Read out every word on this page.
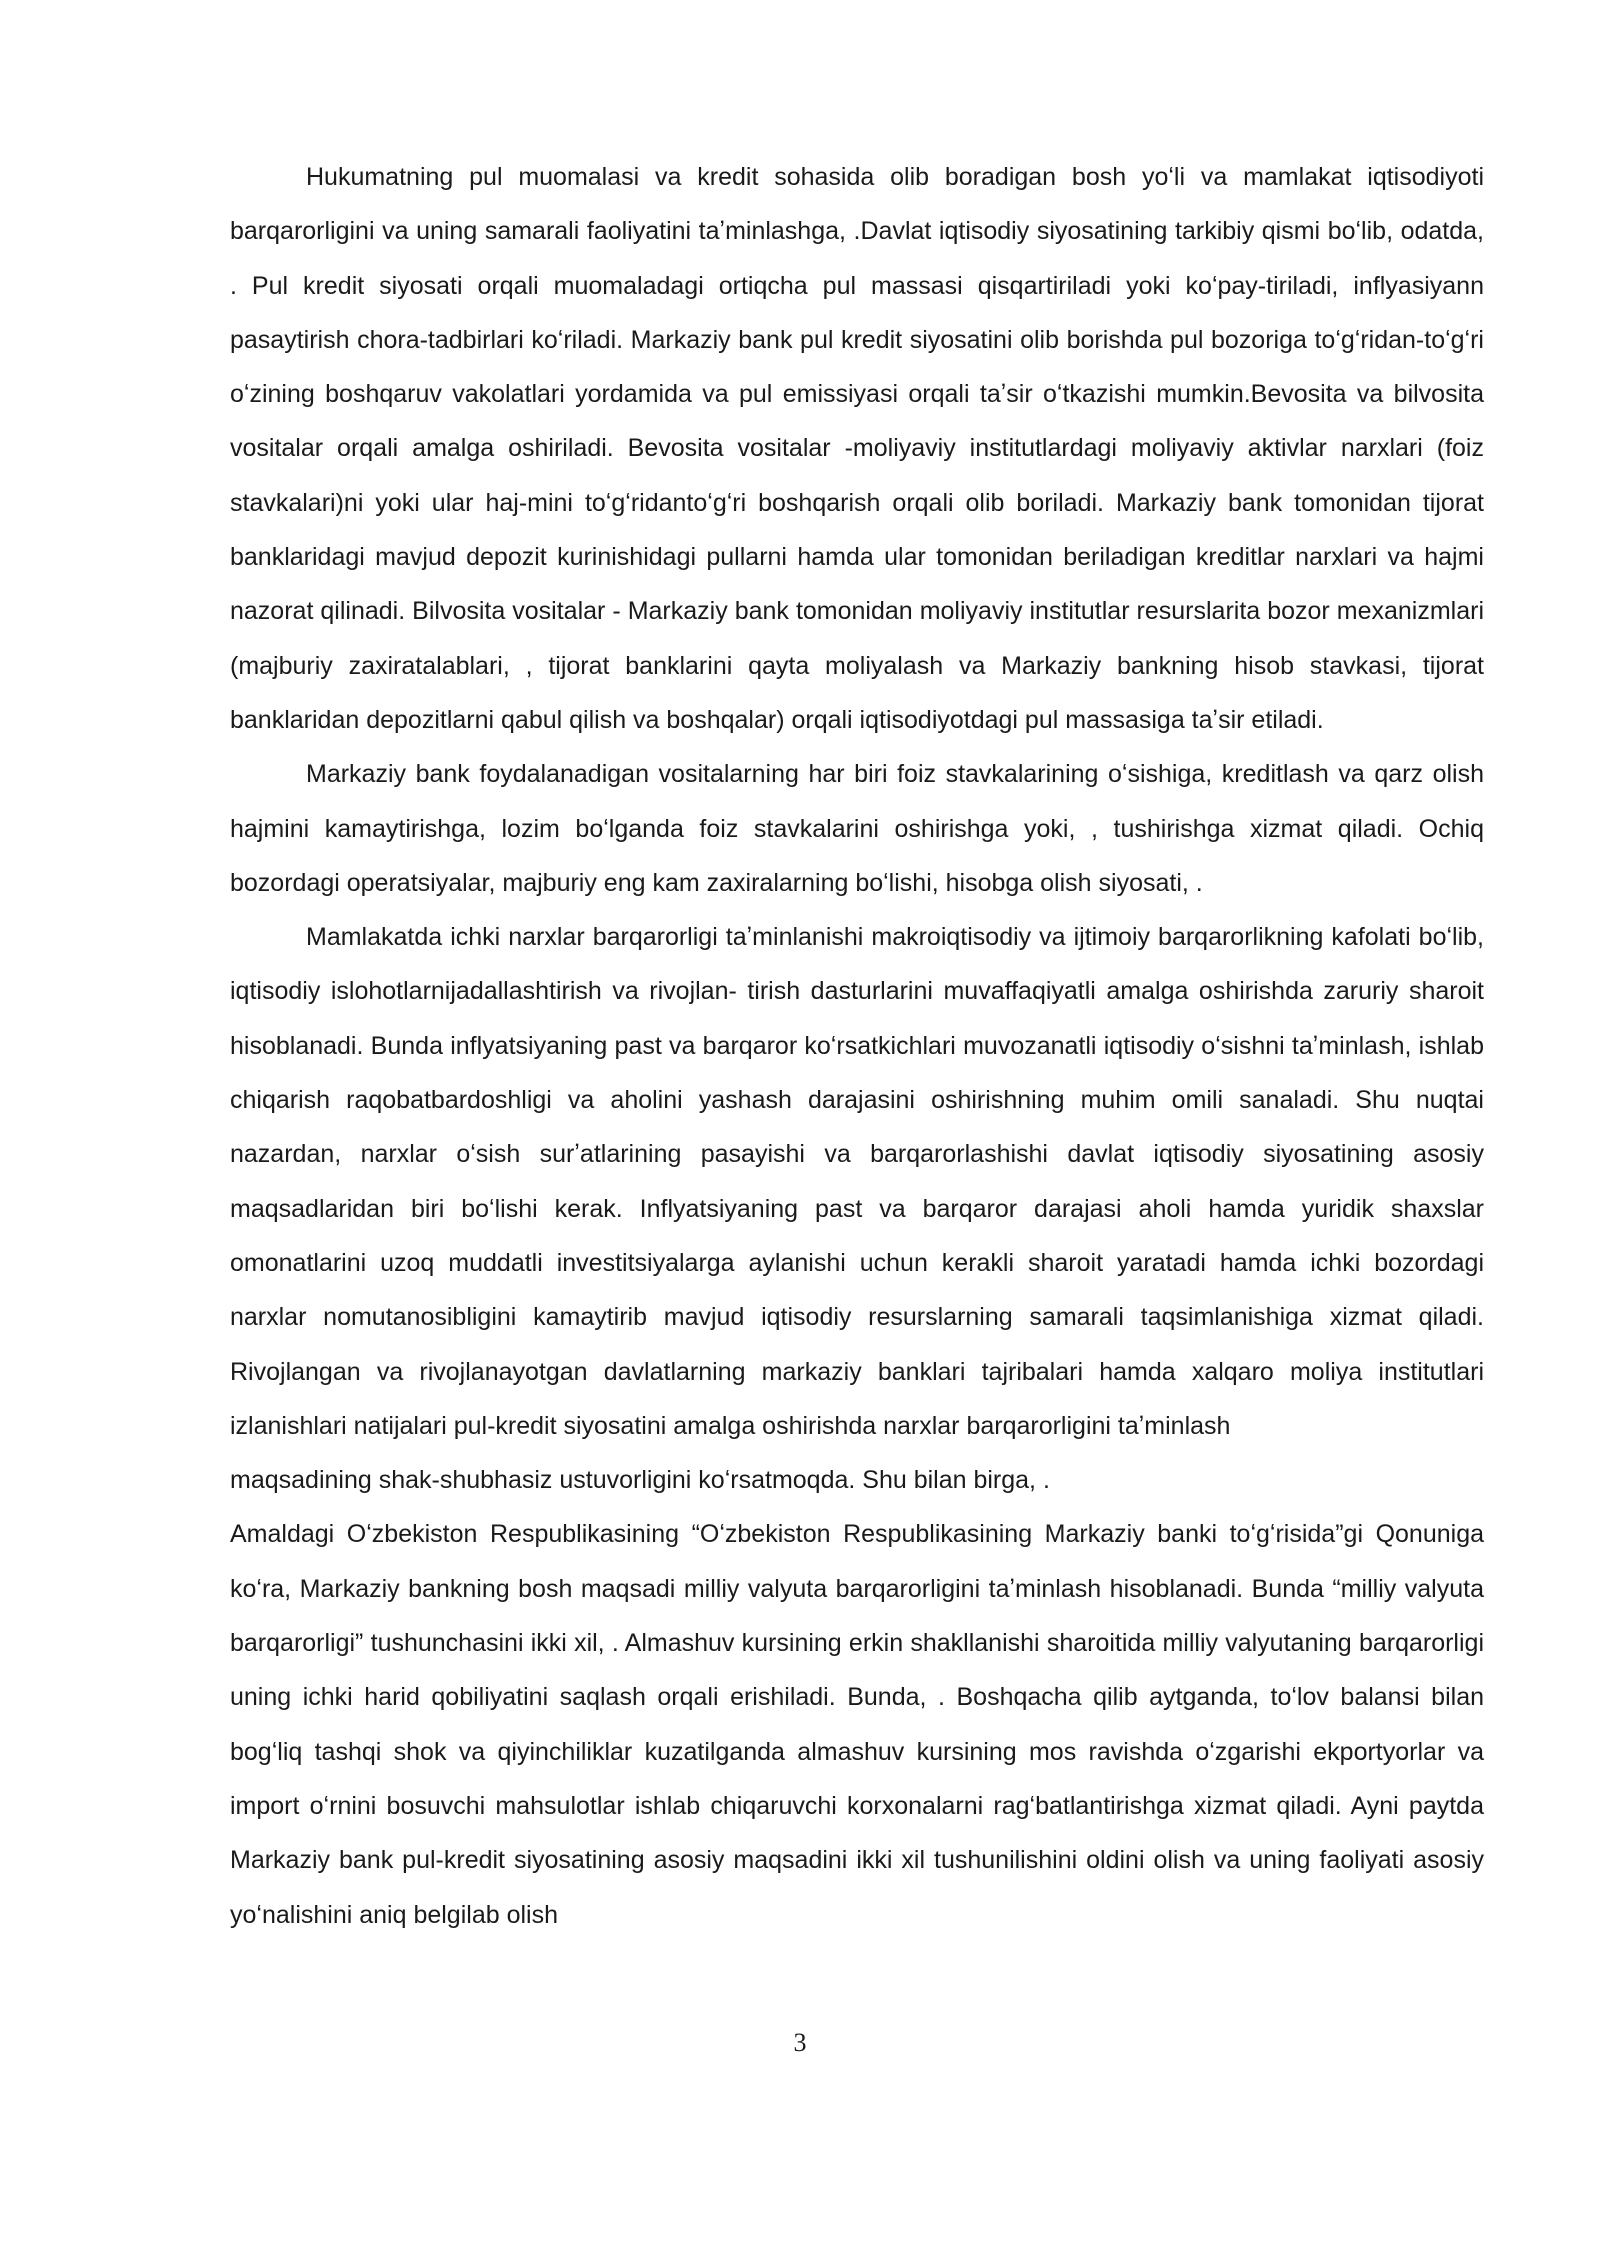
Hukumatning pul muomalasi va kredit sohasida olib boradigan bosh yoʻli va mamlakat iqtisodiyoti barqarorligini va uning samarali faoliyatini taʼminlashga, .Davlat iqtisodiy siyosatining tarkibiy qismi boʻlib, odatda, . Pul kredit siyosati orqali muomaladagi ortiqcha pul massasi qisqartiriladi yoki koʻpay-tiriladi, inflyasiyann pasaytirish chora-tadbirlari koʻriladi. Markaziy bank pul kredit siyosatini olib borishda pul bozoriga toʻgʻridan-toʻgʻri oʻzining boshqaruv vakolatlari yordamida va pul emissiyasi orqali taʼsir oʻtkazishi mumkin.Bevosita va bilvosita vositalar orqali amalga oshiriladi. Bevosita vositalar -moliyaviy institutlardagi moliyaviy aktivlar narxlari (foiz stavkalari)ni yoki ular haj-mini toʻgʻridantoʻgʻri boshqarish orqali olib boriladi. Markaziy bank tomonidan tijorat banklaridagi mavjud depozit kurinishidagi pullarni hamda ular tomonidan beriladigan kreditlar narxlari va hajmi nazorat qilinadi. Bilvosita vositalar - Markaziy bank tomonidan moliyaviy institutlar resurslarita bozor mexanizmlari (majburiy zaxiratalablari, , tijorat banklarini qayta moliyalash va Markaziy bankning hisob stavkasi, tijorat banklaridan depozitlarni qabul qilish va boshqalar) orqali iqtisodiyotdagi pul massasiga taʼsir etiladi.

Markaziy bank foydalanadigan vositalarning har biri foiz stavkalarining oʻsishiga, kreditlash va qarz olish hajmini kamaytirishga, lozim boʻlganda foiz stavkalarini oshirishga yoki, , tushirishga xizmat qiladi. Ochiq bozordagi operatsiyalar, majburiy eng kam zaxiralarning boʻlishi, hisobga olish siyosati, .

Mamlakatda ichki narxlar barqarorligi taʼminlanishi makroiqtisodiy va ijtimoiy barqarorlikning kafolati boʻlib, iqtisodiy islohotlarnijadallashtirish va rivojlan- tirish dasturlarini muvaffaqiyatli amalga oshirishda zaruriy sharoit hisoblanadi. Bunda inflyatsiyaning past va barqaror koʻrsatkichlari muvozanatli iqtisodiy oʻsishni taʼminlash, ishlab chiqarish raqobatbardoshligi va aholini yashash darajasini oshirishning muhim omili sanaladi. Shu nuqtai nazardan, narxlar oʻsish surʼatlarining pasayishi va barqarorlashishi davlat iqtisodiy siyosatining asosiy maqsadlaridan biri boʻlishi kerak. Inflyatsiyaning past va barqaror darajasi aholi hamda yuridik shaxslar omonatlarini uzoq muddatli investitsiyalarga aylanishi uchun kerakli sharoit yaratadi hamda ichki bozordagi narxlar nomutanosibligini kamaytirib mavjud iqtisodiy resurslarning samarali taqsimlanishiga xizmat qiladi. Rivojlangan va rivojlanayotgan davlatlarning markaziy banklari tajribalari hamda xalqaro moliya institutlari izlanishlari natijalari pul-kredit siyosatini amalga oshirishda narxlar barqarorligini taʼminlash

maqsadining shak-shubhasiz ustuvorligini koʻrsatmoqda. Shu bilan birga, .

Amaldagi Oʻzbekiston Respublikasining “Oʻzbekiston Respublikasining Markaziy banki toʻgʻrisida”gi Qonuniga koʻra, Markaziy bankning bosh maqsadi milliy valyuta barqarorligini taʼminlash hisoblanadi. Bunda “milliy valyuta barqarorligi” tushunchasini ikki xil, . Almashuv kursining erkin shakllanishi sharoitida milliy valyutaning barqarorligi uning ichki harid qobiliyatini saqlash orqali erishiladi. Bunda, . Boshqacha qilib aytganda, toʻlov balansi bilan bogʻliq tashqi shok va qiyinchiliklar kuzatilganda almashuv kursining mos ravishda oʻzgarishi ekportyorlar va import oʻrnini bosuvchi mahsulotlar ishlab chiqaruvchi korxonalarni ragʻbatlantirishga xizmat qiladi. Ayni paytda Markaziy bank pul-kredit siyosatining asosiy maqsadini ikki xil tushunilishini oldini olish va uning faoliyati asosiy yoʻnalishini aniq belgilab olish

3
